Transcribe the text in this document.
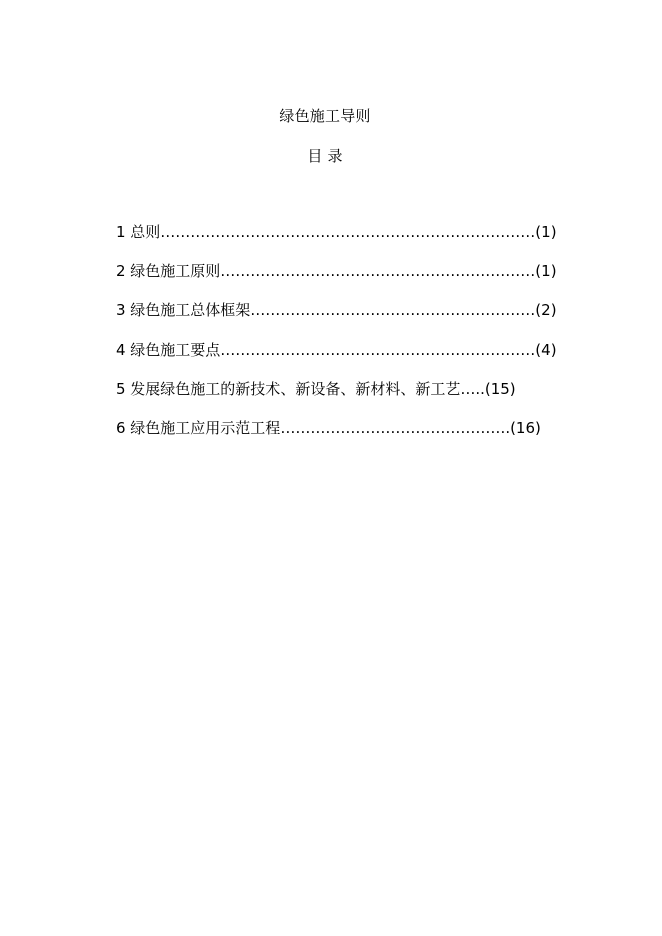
绿色施工导则
目 录
1 总则…………………………………………………………………(1)
2 绿色施工原则………………………………………………………(1)
3 绿色施工总体框架…………………………………………………(2)
4 绿色施工要点………………………………………………………(4)
5 发展绿色施工的新技术、新设备、新材料、新工艺…..(15)
6 绿色施工应用示范工程……………………………………….(16)
